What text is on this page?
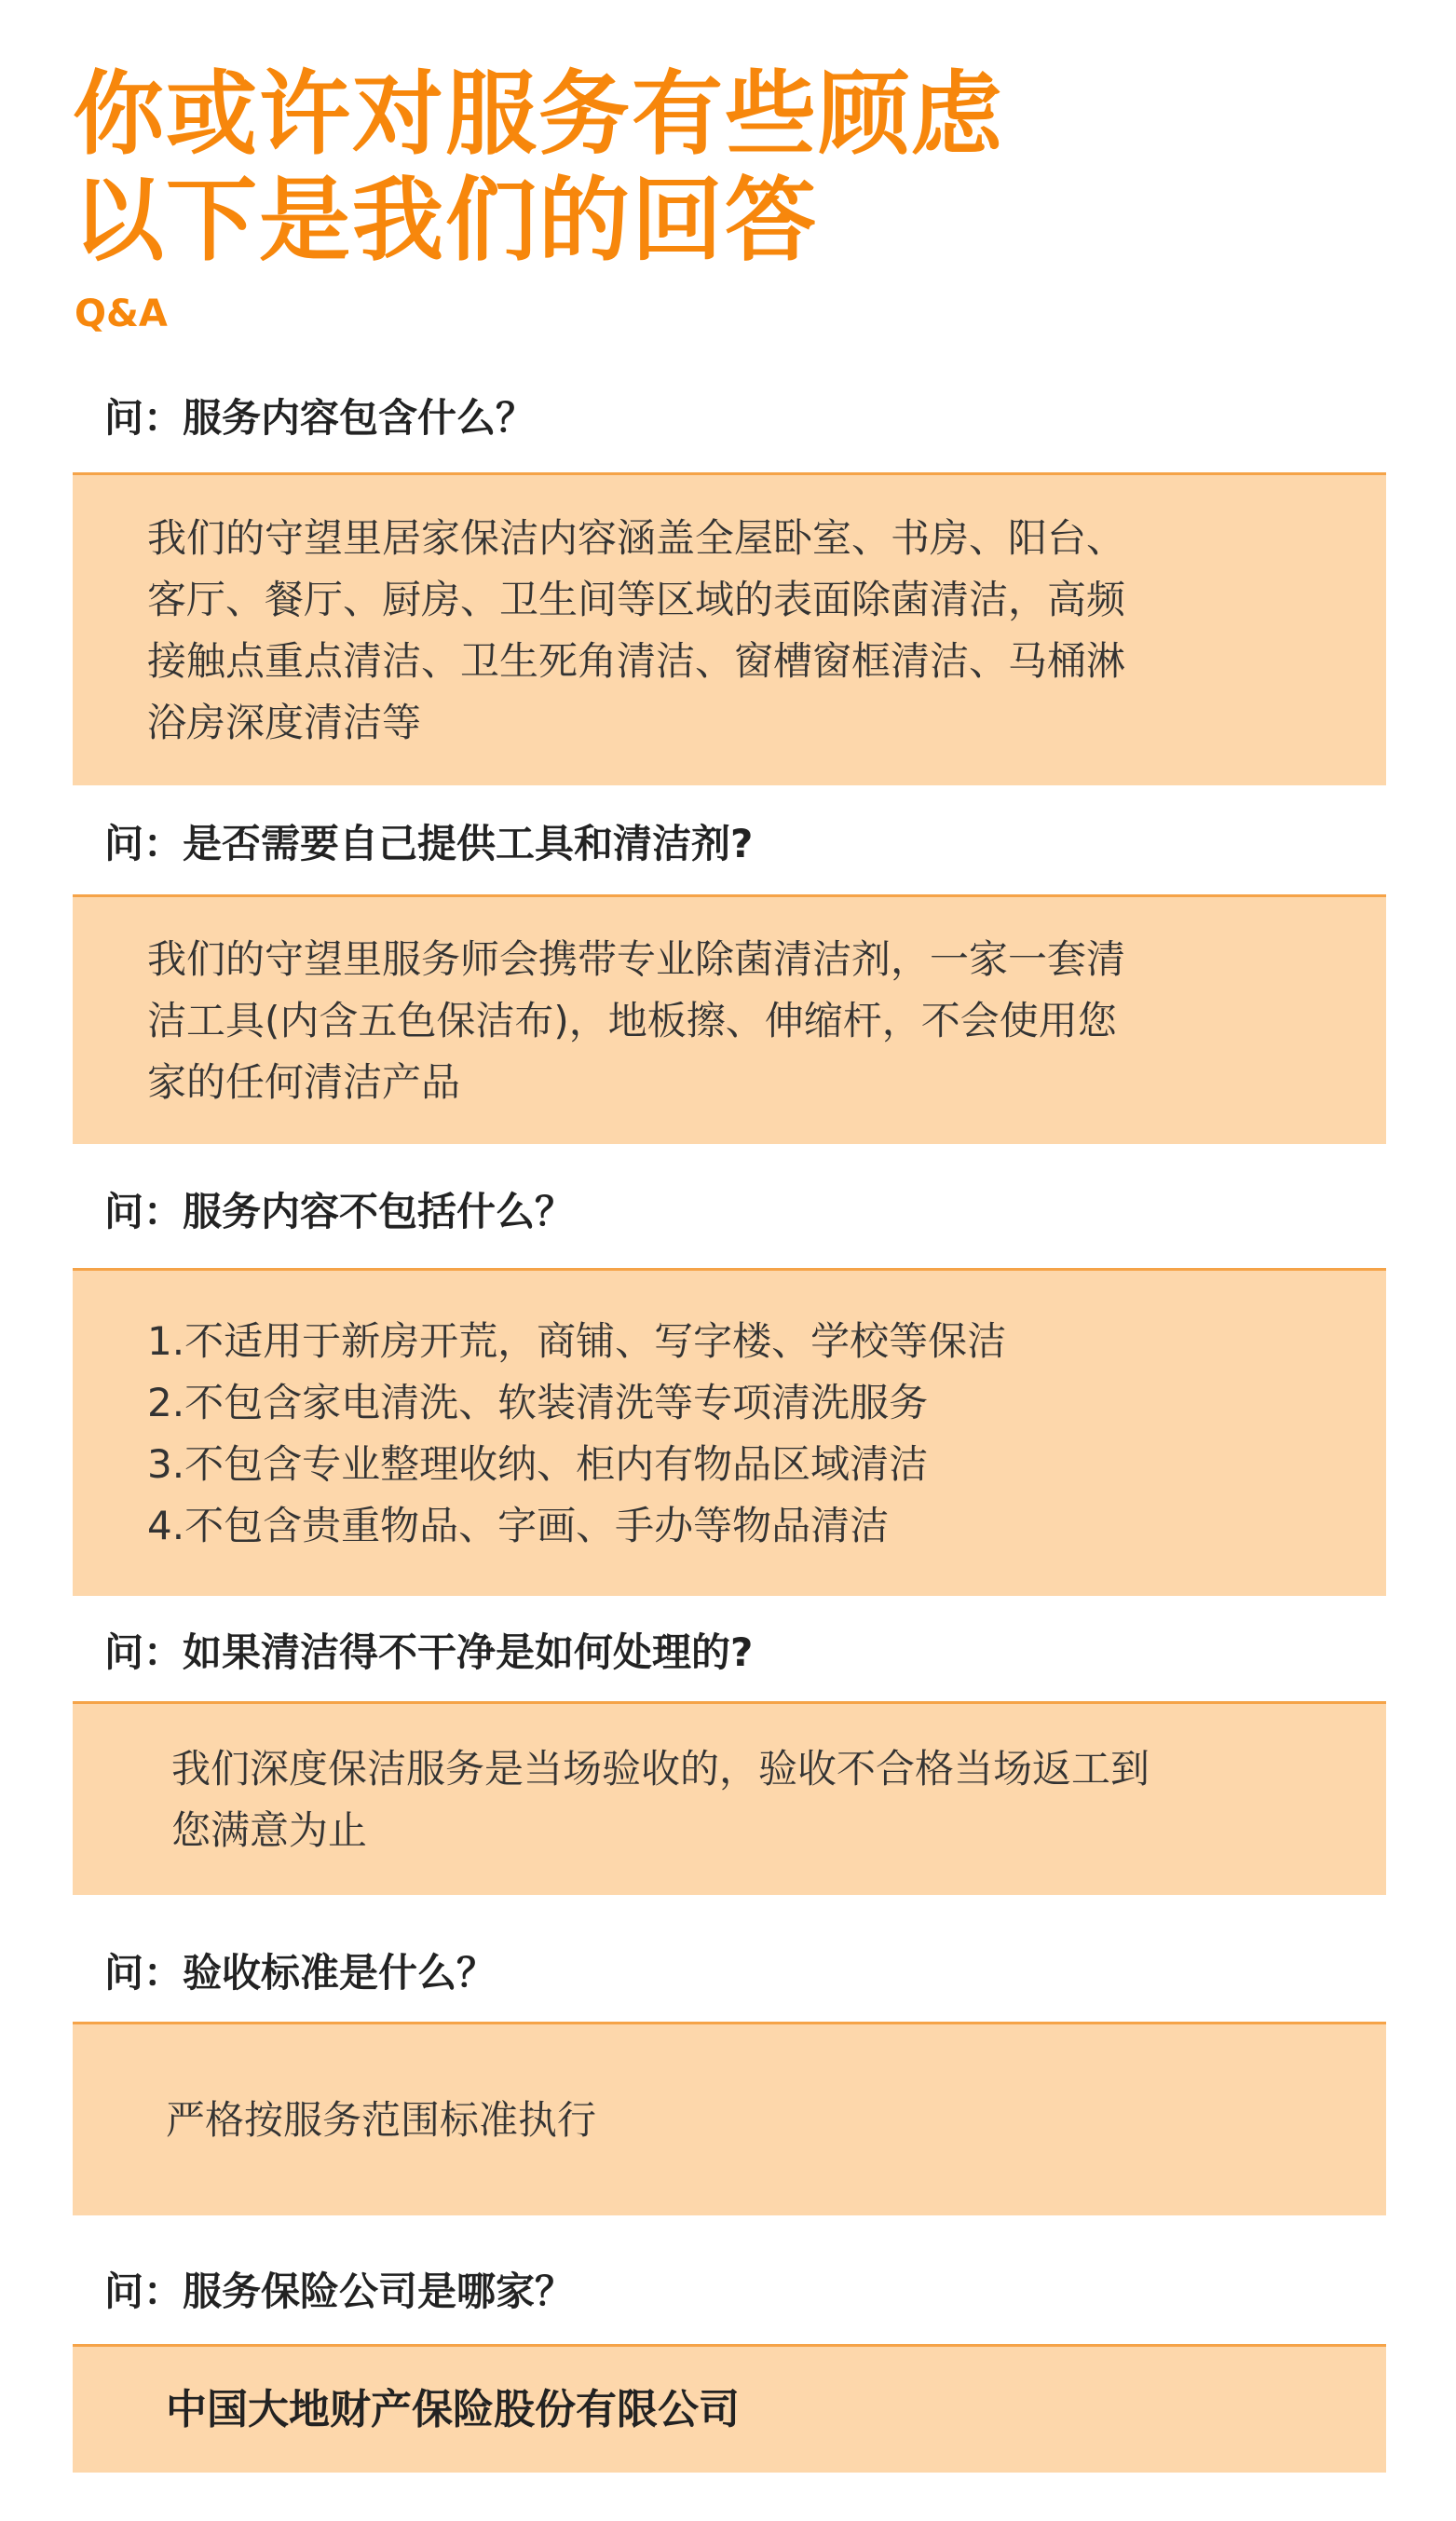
你或许对服务有些顾虑
以下是我们的回答
Q&A
问：服务内容包含什么？
我们的守望里居家保洁内容涵盖全屋卧室、书房、阳台、
客厅、餐厅、厨房、卫生间等区域的表面除菌清洁，高频
接触点重点清洁、卫生死角清洁、窗槽窗框清洁、马桶淋
浴房深度清洁等
问：是否需要自己提供工具和清洁剂?
我们的守望里服务师会携带专业除菌清洁剂，一家一套清
洁工具(内含五色保洁布)，地板擦、伸缩杆，不会使用您
家的任何清洁产品
问：服务内容不包括什么？
1.不适用于新房开荒，商铺、写字楼、学校等保洁
2.不包含家电清洗、软装清洗等专项清洗服务
3.不包含专业整理收纳、柜内有物品区域清洁
4.不包含贵重物品、字画、手办等物品清洁
问：如果清洁得不干净是如何处理的?
我们深度保洁服务是当场验收的，验收不合格当场返工到
您满意为止
问：验收标准是什么？
严格按服务范围标准执行
问：服务保险公司是哪家？
中国大地财产保险股份有限公司
